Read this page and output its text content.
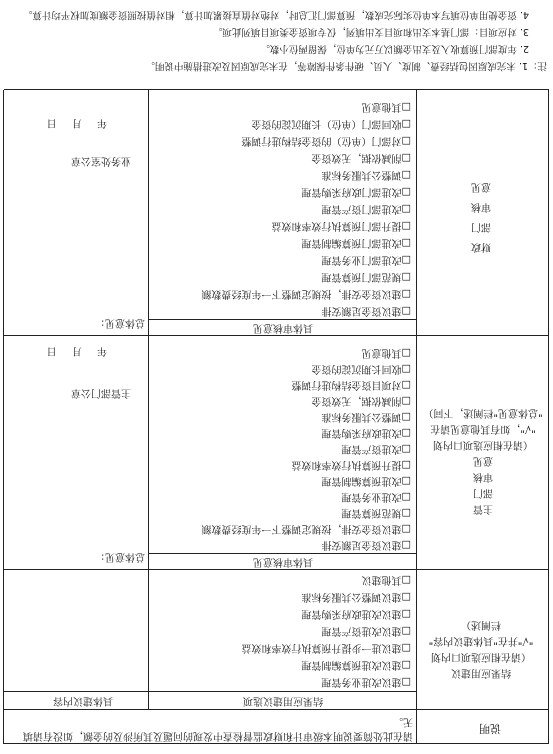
说明
请在此处简要说明本级审计和财政监督检查中发现的问题及其所涉及的金额，如没有请填无。
结果应用建议选项
具体建议内容
结果应用建议
（请在相应选项口内划
"√"并在"具体建议内容"
栏阐述）
□建议改进业务管理
□建议改进预算编制管理
□建议进一步提升预算执行效率和效益
□建议改进资产管理
□建议改进政府采购管理
□建议调整公共服务标准
□其他建议
具体审核意见
主管
部门
审核
意见
（请在相应选项口内划
"√"，如有其他意见请在
"总体意见"栏阐述，下同）
□建议资金足额安排
□建议资金安排，按规定调整下一年度经费数额
□规范预算管理
□改进业务管理
□改进预算编制管理
□提升预算执行效率和效益
□改进资产管理
□改进政府采购管理
□调整公共服务标准
□削减依据，无效资金
□对项目资金结构进行调整
□收回长期沉淀的资金
□其他意见
总体意见：
主管部门公章
年 月 日
具体审核意见
财政
部门
审核
意见
□建议资金足额安排
□建议资金安排，按规定调整下一年度经费数额
□规范部门预算管理
□改进部门业务管理
□改进部门预算编制管理
□提升部门预算执行效率和效益
□改进部门资产管理
□改进部门政府采购管理
□调整公共服务标准
□削减依据，无效资金
□对部门（单位）的资金结构进行调整
□收回部门（单位）长期沉淀的资金
□其他意见
总体意见：
业务处室公章
年 月 日
注：1. 未完成原因包括经费、制度、人员、硬件条件保障等，在未完成原因及改进措施中说明。
2. 年度部门预算收入及支出金额以万元为单位，保留两位小数。
3. 对应项目：部门基本支出和项目支出填列，仅专项资金类项目填列此项。
4. 资金使用单位填写本单位实际完成数，预算部门汇总时，对绝对值直接累加计算，相对值按照资金额度加权平均计算。
